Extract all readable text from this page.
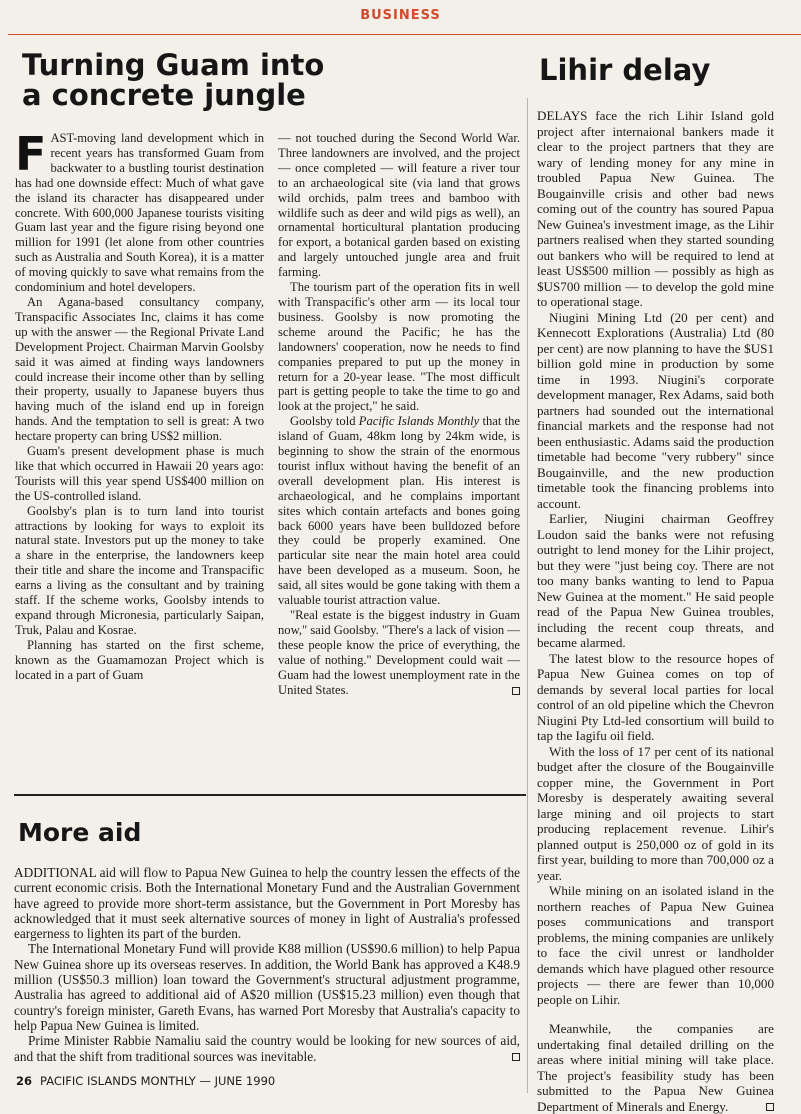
BUSINESS
Turning Guam into a concrete jungle
F AST-moving land development which in recent years has transformed Guam from backwater to a bustling tourist destination has had one downside effect: Much of what gave the island its character has disappeared under concrete. With 600,000 Japanese tourists visiting Guam last year and the figure rising beyond one million for 1991 (let alone from other countries such as Australia and South Korea), it is a matter of moving quickly to save what remains from the condominium and hotel developers.

An Agana-based consultancy company, Transpacific Associates Inc, claims it has come up with the answer — the Regional Private Land Development Project. Chairman Marvin Goolsby said it was aimed at finding ways landowners could increase their income other than by selling their property, usually to Japanese buyers thus having much of the island end up in foreign hands. And the temptation to sell is great: A two hectare property can bring US$2 million.

Guam's present development phase is much like that which occurred in Hawaii 20 years ago: Tourists will this year spend US$400 million on the US-controlled island.

Goolsby's plan is to turn land into tourist attractions by looking for ways to exploit its natural state. Investors put up the money to take a share in the enterprise, the landowners keep their title and share the income and Transpacific earns a living as the consultant and by training staff. If the scheme works, Goolsby intends to expand through Micronesia, particularly Saipan, Truk, Palau and Kosrae.

Planning has started on the first scheme, known as the Guamamozan Project which is located in a part of Guam

— not touched during the Second World War. Three landowners are involved, and the project — once completed — will feature a river tour to an archaeological site (via land that grows wild orchids, palm trees and bamboo with wildlife such as deer and wild pigs as well), an ornamental horticultural plantation producing for export, a botanical garden based on existing and largely untouched jungle area and fruit farming.

The tourism part of the operation fits in well with Transpacific's other arm — its local tour business. Goolsby is now promoting the scheme around the Pacific; he has the landowners' cooperation, now he needs to find companies prepared to put up the money in return for a 20-year lease. "The most difficult part is getting people to take the time to go and look at the project," he said.

Goolsby told Pacific Islands Monthly that the island of Guam, 48km long by 24km wide, is beginning to show the strain of the enormous tourist influx without having the benefit of an overall development plan. His interest is archaeological, and he complains important sites which contain artefacts and bones going back 6000 years have been bulldozed before they could be properly examined. One particular site near the main hotel area could have been developed as a museum. Soon, he said, all sites would be gone taking with them a valuable tourist attraction value.

"Real estate is the biggest industry in Guam now," said Goolsby. "There's a lack of vision — these people know the price of everything, the value of nothing." Development could wait — Guam had the lowest unemployment rate in the United States.

More aid

ADDITIONAL aid will flow to Papua New Guinea to help the country lessen the effects of the current economic crisis. Both the International Monetary Fund and the Australian Government have agreed to provide more short-term assistance, but the Government in Port Moresby has acknowledged that it must seek alternative sources of money in light of Australia's professed eargerness to lighten its part of the burden.

The International Monetary Fund will provide K88 million (US$90.6 million) to help Papua New Guinea shore up its overseas reserves. In addition, the World Bank has approved a K48.9 million (US$50.3 million) loan toward the Government's structural adjustment programme, Australia has agreed to additional aid of A$20 million (US$15.23 million) even though that country's foreign minister, Gareth Evans, has warned Port Moresby that Australia's capacity to help Papua New Guinea is limited.

Prime Minister Rabbie Namaliu said the country would be looking for new sources of aid, and that the shift from traditional sources was inevitable.

Lihir delay

DELAYS face the rich Lihir Island gold project after internaional bankers made it clear to the project partners that they are wary of lending money for any mine in troubled Papua New Guinea. The Bougainville crisis and other bad news coming out of the country has soured Papua New Guinea's investment image, as the Lihir partners realised when they started sounding out bankers who will be required to lend at least US$500 million — possibly as high as $US700 million — to develop the gold mine to operational stage.

Niugini Mining Ltd (20 per cent) and Kennecott Explorations (Australia) Ltd (80 per cent) are now planning to have the $US1 billion gold mine in production by some time in 1993. Niugini's corporate development manager, Rex Adams, said both partners had sounded out the international financial markets and the response had not been enthusiastic. Adams said the production timetable had become "very rubbery" since Bougainville, and the new production timetable took the financing problems into account.

Earlier, Niugini chairman Geoffrey Loudon said the banks were not refusing outright to lend money for the Lihir project, but they were "just being coy. There are not too many banks wanting to lend to Papua New Guinea at the moment." He said people read of the Papua New Guinea troubles, including the recent coup threats, and became alarmed.

The latest blow to the resource hopes of Papua New Guinea comes on top of demands by several local parties for local control of an old pipeline which the Chevron Niugini Pty Ltd-led consortium will build to tap the Iagifu oil field.

With the loss of 17 per cent of its national budget after the closure of the Bougainville copper mine, the Government in Port Moresby is desperately awaiting several large mining and oil projects to start producing replacement revenue. Lihir's planned output is 250,000 oz of gold in its first year, building to more than 700,000 oz a year.

While mining on an isolated island in the northern reaches of Papua New Guinea poses communications and transport problems, the mining companies are unlikely to face the civil unrest or landholder demands which have plagued other resource projects — there are fewer than 10,000 people on Lihir.

Meanwhile, the companies are undertaking final detailed drilling on the areas where initial mining will take place. The project's feasibility study has been submitted to the Papua New Guinea Department of Minerals and Energy.

26 PACIFIC ISLANDS MONTHLY — JUNE 1990
